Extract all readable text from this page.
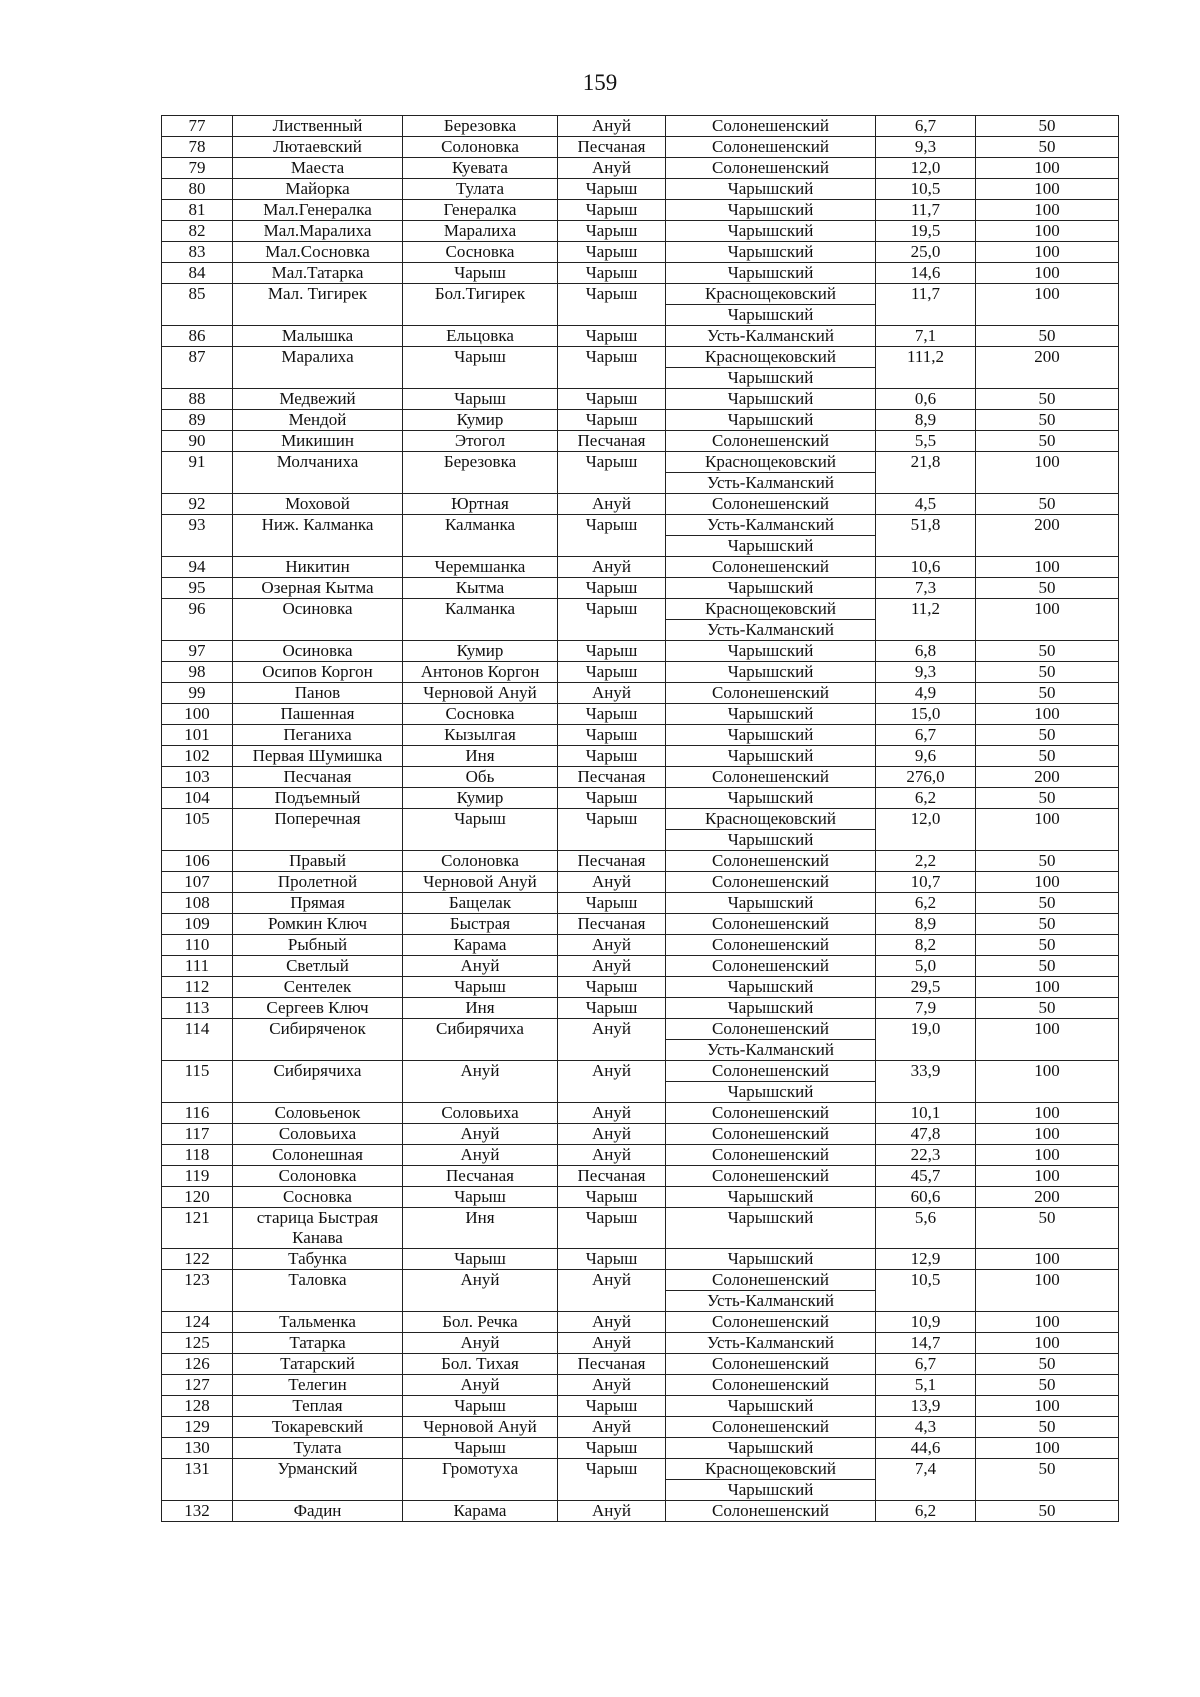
159
77	Лиственный	Березовка	Ануй	Солонешенский	6,7	50
78	Лютаевский	Солоновка	Песчаная	Солонешенский	9,3	50
79	Маеста	Куевата	Ануй	Солонешенский	12,0	100
80	Майорка	Тулата	Чарыш	Чарышский	10,5	100
81	Мал.Генералка	Генералка	Чарыш	Чарышский	11,7	100
82	Мал.Маралиха	Маралиха	Чарыш	Чарышский	19,5	100
83	Мал.Сосновка	Сосновка	Чарыш	Чарышский	25,0	100
84	Мал.Татарка	Чарыш	Чарыш	Чарышский	14,6	100
85	Мал. Тигирек	Бол.Тигирек	Чарыш	Краснощековский	11,7	100
				Чарышский		
86	Малышка	Ельцовка	Чарыш	Усть-Калманский	7,1	50
87	Маралиха	Чарыш	Чарыш	Краснощековский	111,2	200
				Чарышский		
88	Медвежий	Чарыш	Чарыш	Чарышский	0,6	50
89	Мендой	Кумир	Чарыш	Чарышский	8,9	50
90	Микишин	Этогол	Песчаная	Солонешенский	5,5	50
91	Молчаниха	Березовка	Чарыш	Краснощековский	21,8	100
				Усть-Калманский		
92	Моховой	Юртная	Ануй	Солонешенский	4,5	50
93	Ниж. Калманка	Калманка	Чарыш	Усть-Калманский	51,8	200
				Чарышский		
94	Никитин	Черемшанка	Ануй	Солонешенский	10,6	100
95	Озерная Кытма	Кытма	Чарыш	Чарышский	7,3	50
96	Осиновка	Калманка	Чарыш	Краснощековский	11,2	100
				Усть-Калманский		
97	Осиновка	Кумир	Чарыш	Чарышский	6,8	50
98	Осипов Коргон	Антонов Коргон	Чарыш	Чарышский	9,3	50
99	Панов	Черновой Ануй	Ануй	Солонешенский	4,9	50
100	Пашенная	Сосновка	Чарыш	Чарышский	15,0	100
101	Пеганиха	Кызылгая	Чарыш	Чарышский	6,7	50
102	Первая Шумишка	Иня	Чарыш	Чарышский	9,6	50
103	Песчаная	Обь	Песчаная	Солонешенский	276,0	200
104	Подъемный	Кумир	Чарыш	Чарышский	6,2	50
105	Поперечная	Чарыш	Чарыш	Краснощековский	12,0	100
				Чарышский		
106	Правый	Солоновка	Песчаная	Солонешенский	2,2	50
107	Пролетной	Черновой Ануй	Ануй	Солонешенский	10,7	100
108	Прямая	Бащелак	Чарыш	Чарышский	6,2	50
109	Ромкин Ключ	Быстрая	Песчаная	Солонешенский	8,9	50
110	Рыбный	Карама	Ануй	Солонешенский	8,2	50
111	Светлый	Ануй	Ануй	Солонешенский	5,0	50
112	Сентелек	Чарыш	Чарыш	Чарышский	29,5	100
113	Сергеев Ключ	Иня	Чарыш	Чарышский	7,9	50
114	Сибиряченок	Сибирячиха	Ануй	Солонешенский	19,0	100
				Усть-Калманский		
115	Сибирячиха	Ануй	Ануй	Солонешенский	33,9	100
				Чарышский		
116	Соловьенок	Соловьиха	Ануй	Солонешенский	10,1	100
117	Соловьиха	Ануй	Ануй	Солонешенский	47,8	100
118	Солонешная	Ануй	Ануй	Солонешенский	22,3	100
119	Солоновка	Песчаная	Песчаная	Солонешенский	45,7	100
120	Сосновка	Чарыш	Чарыш	Чарышский	60,6	200
121	старица Быстрая Канава	Иня	Чарыш	Чарышский	5,6	50
122	Табунка	Чарыш	Чарыш	Чарышский	12,9	100
123	Таловка	Ануй	Ануй	Солонешенский	10,5	100
				Усть-Калманский		
124	Тальменка	Бол. Речка	Ануй	Солонешенский	10,9	100
125	Татарка	Ануй	Ануй	Усть-Калманский	14,7	100
126	Татарский	Бол. Тихая	Песчаная	Солонешенский	6,7	50
127	Телегин	Ануй	Ануй	Солонешенский	5,1	50
128	Теплая	Чарыш	Чарыш	Чарышский	13,9	100
129	Токаревский	Черновой Ануй	Ануй	Солонешенский	4,3	50
130	Тулата	Чарыш	Чарыш	Чарышский	44,6	100
131	Урманский	Громотуха	Чарыш	Краснощековский	7,4	50
				Чарышский		
132	Фадин	Карама	Ануй	Солонешенский	6,2	50
